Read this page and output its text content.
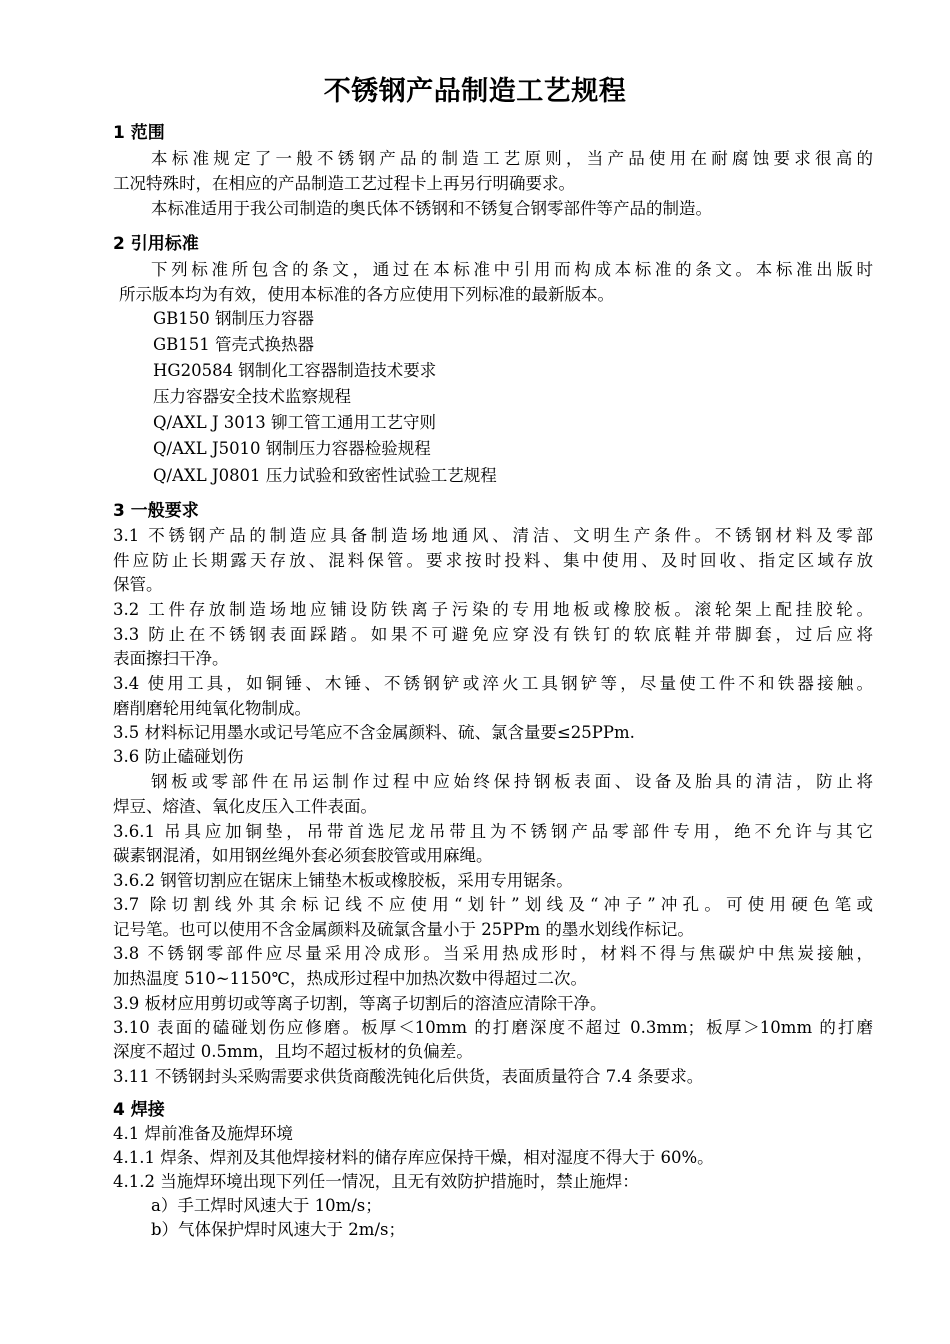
不锈钢产品制造工艺规程
1 范围
本标准规定了一般不锈钢产品的制造工艺原则，当产品使用在耐腐蚀要求很高的
工况特殊时，在相应的产品制造工艺过程卡上再另行明确要求。
本标准适用于我公司制造的奥氏体不锈钢和不锈复合钢零部件等产品的制造。
2 引用标准
下列标准所包含的条文，通过在本标准中引用而构成本标准的条文。本标准出版时
所示版本均为有效，使用本标准的各方应使用下列标准的最新版本。
GB150 钢制压力容器
GB151 管壳式换热器
HG20584 钢制化工容器制造技术要求
压力容器安全技术监察规程
Q/AXL J 3013 铆工管工通用工艺守则
Q/AXL J5010 钢制压力容器检验规程
Q/AXL J0801 压力试验和致密性试验工艺规程
3 一般要求
3.1 不锈钢产品的制造应具备制造场地通风、清洁、文明生产条件。不锈钢材料及零部
件应防止长期露天存放、混料保管。要求按时投料、集中使用、及时回收、指定区域存放
保管。
3.2 工件存放制造场地应铺设防铁离子污染的专用地板或橡胶板。滚轮架上配挂胶轮。
3.3 防止在不锈钢表面踩踏。如果不可避免应穿没有铁钉的软底鞋并带脚套，过后应将
表面擦扫干净。
3.4 使用工具，如铜锤、木锤、不锈钢铲或淬火工具钢铲等，尽量使工件不和铁器接触。
磨削磨轮用纯氧化物制成。
3.5 材料标记用墨水或记号笔应不含金属颜料、硫、氯含量要≤25PPm.
3.6 防止磕碰划伤
钢板或零部件在吊运制作过程中应始终保持钢板表面、设备及胎具的清洁，防止将
焊豆、熔渣、氧化皮压入工件表面。
3.6.1 吊具应加铜垫，吊带首选尼龙吊带且为不锈钢产品零部件专用，绝不允许与其它
碳素钢混淆，如用钢丝绳外套必须套胶管或用麻绳。
3.6.2 钢管切割应在锯床上铺垫木板或橡胶板，采用专用锯条。
3.7 除切割线外其余标记线不应使用“划针”划线及“冲子”冲孔。可使用硬色笔或
记号笔。也可以使用不含金属颜料及硫氯含量小于 25PPm 的墨水划线作标记。
3.8 不锈钢零部件应尽量采用冷成形。当采用热成形时，材料不得与焦碳炉中焦炭接触，
加热温度 510~1150℃，热成形过程中加热次数中得超过二次。
3.9 板材应用剪切或等离子切割，等离子切割后的溶渣应清除干净。
3.10 表面的磕碰划伤应修磨。板厚＜10mm 的打磨深度不超过 0.3mm；板厚＞10mm 的打磨
深度不超过 0.5mm，且均不超过板材的负偏差。
3.11 不锈钢封头采购需要求供货商酸洗钝化后供货，表面质量符合 7.4 条要求。
4 焊接
4.1 焊前准备及施焊环境
4.1.1 焊条、焊剂及其他焊接材料的储存库应保持干燥，相对湿度不得大于 60%。
4.1.2 当施焊环境出现下列任一情况，且无有效防护措施时，禁止施焊：
a）手工焊时风速大于 10m/s；
b）气体保护焊时风速大于 2m/s；
